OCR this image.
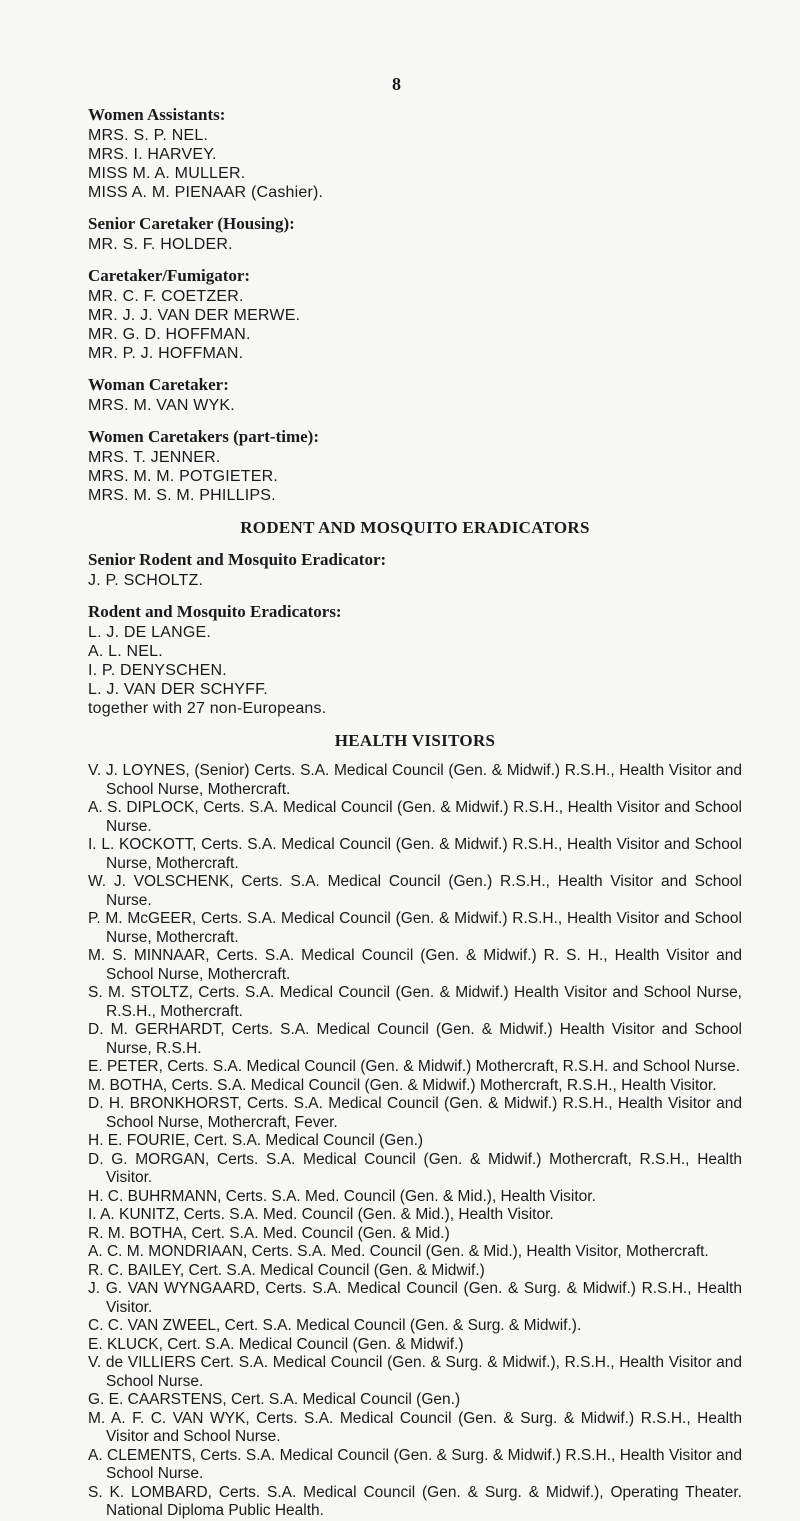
8
Women Assistants:
MRS. S. P. NEL.
MRS. I. HARVEY.
MISS M. A. MULLER.
MISS A. M. PIENAAR (Cashier).
Senior Caretaker (Housing):
MR. S. F. HOLDER.
Caretaker/Fumigator:
MR. C. F. COETZER.
MR. J. J. VAN DER MERWE.
MR. G. D. HOFFMAN.
MR. P. J. HOFFMAN.
Woman Caretaker:
MRS. M. VAN WYK.
Women Caretakers (part-time):
MRS. T. JENNER.
MRS. M. M. POTGIETER.
MRS. M. S. M. PHILLIPS.
RODENT AND MOSQUITO ERADICATORS
Senior Rodent and Mosquito Eradicator:
J. P. SCHOLTZ.
Rodent and Mosquito Eradicators:
L. J. DE LANGE.
A. L. NEL.
I. P. DENYSCHEN.
L. J. VAN DER SCHYFF.
together with 27 non-Europeans.
HEALTH VISITORS
V. J. LOYNES, (Senior) Certs. S.A. Medical Council (Gen. & Midwif.) R.S.H., Health Visitor and School Nurse, Mothercraft.
A. S. DIPLOCK, Certs. S.A. Medical Council (Gen. & Midwif.) R.S.H., Health Visitor and School Nurse.
I. L. KOCKOTT, Certs. S.A. Medical Council (Gen. & Midwif.) R.S.H., Health Visitor and School Nurse, Mothercraft.
W. J. VOLSCHENK, Certs. S.A. Medical Council (Gen.) R.S.H., Health Visitor and School Nurse.
P. M. McGEER, Certs. S.A. Medical Council (Gen. & Midwif.) R.S.H., Health Visitor and School Nurse, Mothercraft.
M. S. MINNAAR, Certs. S.A. Medical Council (Gen. & Midwif.) R. S. H., Health Visitor and School Nurse, Mothercraft.
S. M. STOLTZ, Certs. S.A. Medical Council (Gen. & Midwif.) Health Visitor and School Nurse, R.S.H., Mothercraft.
D. M. GERHARDT, Certs. S.A. Medical Council (Gen. & Midwif.) Health Visitor and School Nurse, R.S.H.
E. PETER, Certs. S.A. Medical Council (Gen. & Midwif.) Mothercraft, R.S.H. and School Nurse.
M. BOTHA, Certs. S.A. Medical Council (Gen. & Midwif.) Mothercraft, R.S.H., Health Visitor.
D. H. BRONKHORST, Certs. S.A. Medical Council (Gen. & Midwif.) R.S.H., Health Visitor and School Nurse, Mothercraft, Fever.
H. E. FOURIE, Cert. S.A. Medical Council (Gen.)
D. G. MORGAN, Certs. S.A. Medical Council (Gen. & Midwif.) Mothercraft, R.S.H., Health Visitor.
H. C. BUHRMANN, Certs. S.A. Med. Council (Gen. & Mid.), Health Visitor.
I. A. KUNITZ, Certs. S.A. Med. Council (Gen. & Mid.), Health Visitor.
R. M. BOTHA, Cert. S.A. Med. Council (Gen. & Mid.)
A. C. M. MONDRIAAN, Certs. S.A. Med. Council (Gen. & Mid.), Health Visitor, Mothercraft.
R. C. BAILEY, Cert. S.A. Medical Council (Gen. & Midwif.)
J. G. VAN WYNGAARD, Certs. S.A. Medical Council (Gen. & Surg. & Midwif.) R.S.H., Health Visitor.
C. C. VAN ZWEEL, Cert. S.A. Medical Council (Gen. & Surg. & Midwif.).
E. KLUCK, Cert. S.A. Medical Council (Gen. & Midwif.)
V. de VILLIERS Cert. S.A. Medical Council (Gen. & Surg. & Midwif.), R.S.H., Health Visitor and School Nurse.
G. E. CAARSTENS, Cert. S.A. Medical Council (Gen.)
M. A. F. C. VAN WYK, Certs. S.A. Medical Council (Gen. & Surg. & Midwif.) R.S.H., Health Visitor and School Nurse.
A. CLEMENTS, Certs. S.A. Medical Council (Gen. & Surg. & Midwif.) R.S.H., Health Visitor and School Nurse.
S. K. LOMBARD, Certs. S.A. Medical Council (Gen. & Surg. & Midwif.), Operating Theater. National Diploma Public Health.
